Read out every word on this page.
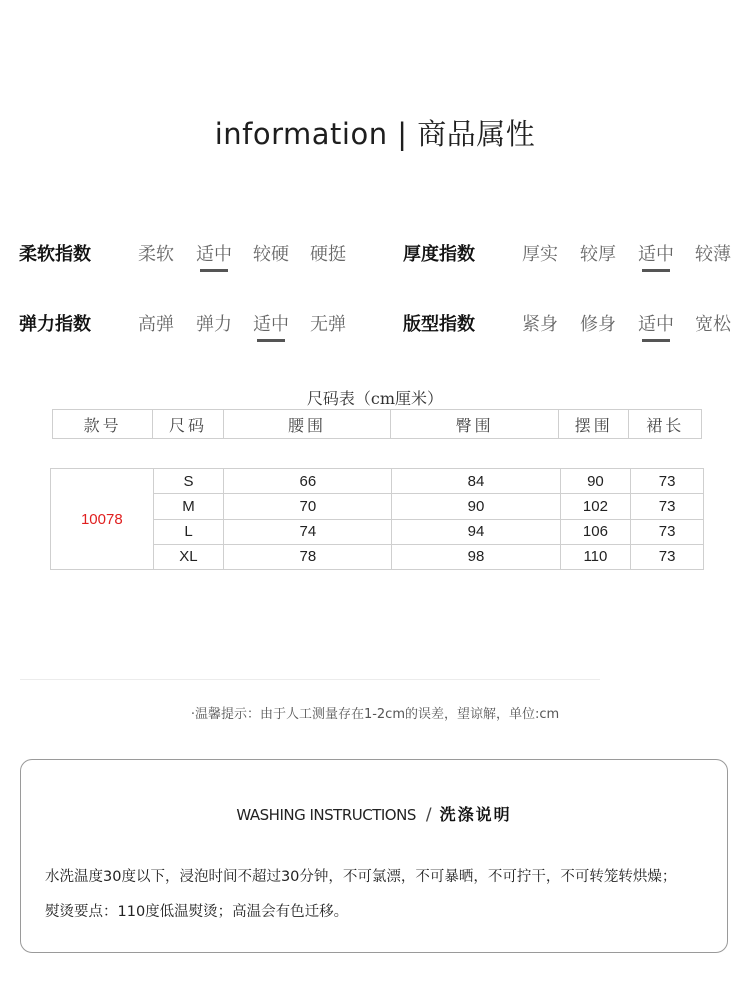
information | 商品属性
柔软指数	柔软 适中 较硬 硬挺	厚度指数	厚实 较厚 适中 较薄
弹力指数	高弹 弹力 适中 无弹	版型指数	紧身 修身 适中 宽松
尺码表（cm厘米）
款号	尺码	腰围	臀围	摆围	裙长
10078	S	66	84	90	73
	M	70	90	102	73
	L	74	94	106	73
	XL	78	98	110	73
·温馨提示：由于人工测量存在1-2cm的误差，望谅解，单位:cm
WASHING INSTRUCTIONS / 洗涤说明
水洗温度30度以下，浸泡时间不超过30分钟，不可氯漂，不可暴晒，不可拧干，不可转笼转烘燥；
熨烫要点：110度低温熨烫；高温会有色迁移。
